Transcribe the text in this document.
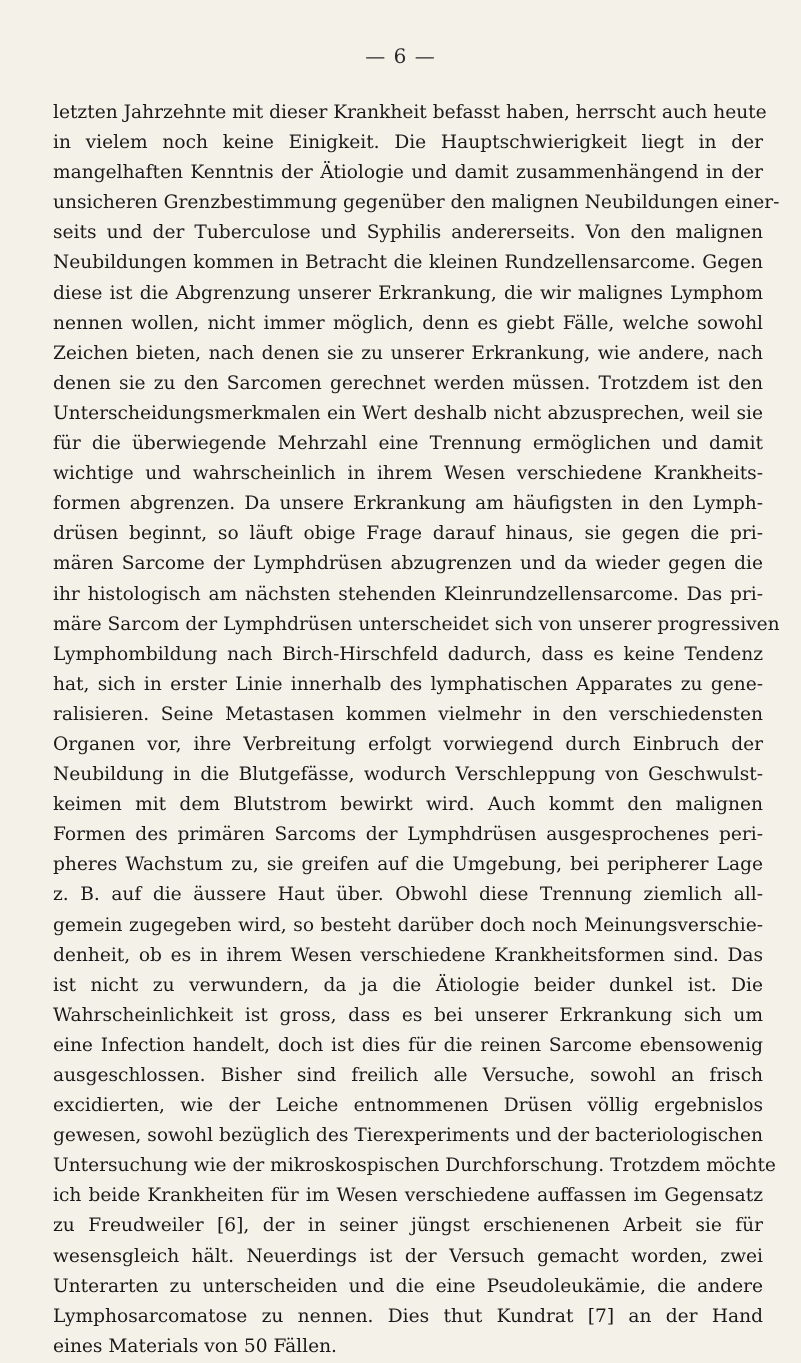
— 6 —
letzten Jahrzehnte mit dieser Krankheit befasst haben, herrscht auch heute
in vielem noch keine Einigkeit. Die Hauptschwierigkeit liegt in der
mangelhaften Kenntnis der Ätiologie und damit zusammenhängend in der
unsicheren Grenzbestimmung gegenüber den malignen Neubildungen einer-
seits und der Tuberculose und Syphilis andererseits. Von den malignen
Neubildungen kommen in Betracht die kleinen Rundzellensarcome. Gegen
diese ist die Abgrenzung unserer Erkrankung, die wir malignes Lymphom
nennen wollen, nicht immer möglich, denn es giebt Fälle, welche sowohl
Zeichen bieten, nach denen sie zu unserer Erkrankung, wie andere, nach
denen sie zu den Sarcomen gerechnet werden müssen. Trotzdem ist den
Unterscheidungsmerkmalen ein Wert deshalb nicht abzusprechen, weil sie
für die überwiegende Mehrzahl eine Trennung ermöglichen und damit
wichtige und wahrscheinlich in ihrem Wesen verschiedene Krankheits-
formen abgrenzen. Da unsere Erkrankung am häufigsten in den Lymph-
drüsen beginnt, so läuft obige Frage darauf hinaus, sie gegen die pri-
mären Sarcome der Lymphdrüsen abzugrenzen und da wieder gegen die
ihr histologisch am nächsten stehenden Kleinrundzellensarcome. Das pri-
märe Sarcom der Lymphdrüsen unterscheidet sich von unserer progressiven
Lymphombildung nach Birch-Hirschfeld dadurch, dass es keine Tendenz
hat, sich in erster Linie innerhalb des lymphatischen Apparates zu gene-
ralisieren. Seine Metastasen kommen vielmehr in den verschiedensten
Organen vor, ihre Verbreitung erfolgt vorwiegend durch Einbruch der
Neubildung in die Blutgefässe, wodurch Verschleppung von Geschwulst-
keimen mit dem Blutstrom bewirkt wird. Auch kommt den malignen
Formen des primären Sarcoms der Lymphdrüsen ausgesprochenes peri-
pheres Wachstum zu, sie greifen auf die Umgebung, bei peripherer Lage
z. B. auf die äussere Haut über. Obwohl diese Trennung ziemlich all-
gemein zugegeben wird, so besteht darüber doch noch Meinungsverschie-
denheit, ob es in ihrem Wesen verschiedene Krankheitsformen sind. Das
ist nicht zu verwundern, da ja die Ätiologie beider dunkel ist. Die
Wahrscheinlichkeit ist gross, dass es bei unserer Erkrankung sich um
eine Infection handelt, doch ist dies für die reinen Sarcome ebensowenig
ausgeschlossen. Bisher sind freilich alle Versuche, sowohl an frisch
excidierten, wie der Leiche entnommenen Drüsen völlig ergebnislos
gewesen, sowohl bezüglich des Tierexperiments und der bacteriologischen
Untersuchung wie der mikroskospischen Durchforschung. Trotzdem möchte
ich beide Krankheiten für im Wesen verschiedene auffassen im Gegensatz
zu Freudweiler [6], der in seiner jüngst erschienenen Arbeit sie für
wesensgleich hält. Neuerdings ist der Versuch gemacht worden, zwei
Unterarten zu unterscheiden und die eine Pseudoleukämie, die andere
Lymphosarcomatose zu nennen. Dies thut Kundrat [7] an der Hand
eines Materials von 50 Fällen.
